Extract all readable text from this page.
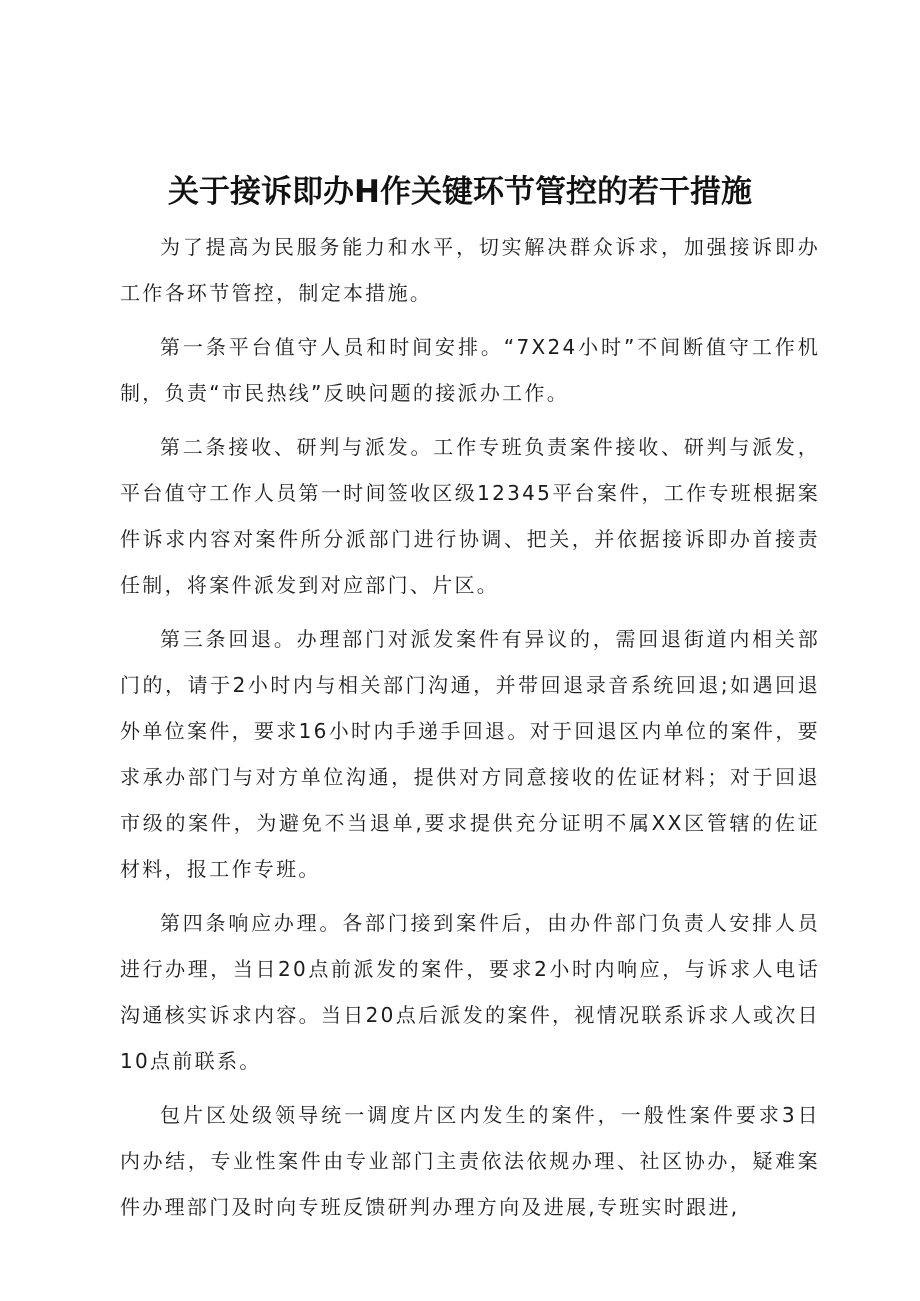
关于接诉即办H作关键环节管控的若干措施

为了提高为民服务能力和水平，切实解决群众诉求，加强接诉即办工作各环节管控，制定本措施。

第一条平台值守人员和时间安排。“7X24小时”不间断值守工作机制，负责“市民热线”反映问题的接派办工作。

第二条接收、研判与派发。工作专班负责案件接收、研判与派发，平台值守工作人员第一时间签收区级12345平台案件，工作专班根据案件诉求内容对案件所分派部门进行协调、把关，并依据接诉即办首接责任制，将案件派发到对应部门、片区。

第三条回退。办理部门对派发案件有异议的，需回退街道内相关部门的，请于2小时内与相关部门沟通，并带回退录音系统回退;如遇回退外单位案件，要求16小时内手递手回退。对于回退区内单位的案件，要求承办部门与对方单位沟通，提供对方同意接收的佐证材料；对于回退市级的案件，为避免不当退单,要求提供充分证明不属XX区管辖的佐证材料，报工作专班。

第四条响应办理。各部门接到案件后，由办件部门负责人安排人员进行办理，当日20点前派发的案件，要求2小时内响应，与诉求人电话沟通核实诉求内容。当日20点后派发的案件，视情况联系诉求人或次日10点前联系。

包片区处级领导统一调度片区内发生的案件，一般性案件要求3日内办结，专业性案件由专业部门主责依法依规办理、社区协办，疑难案件办理部门及时向专班反馈研判办理方向及进展,专班实时跟进,
